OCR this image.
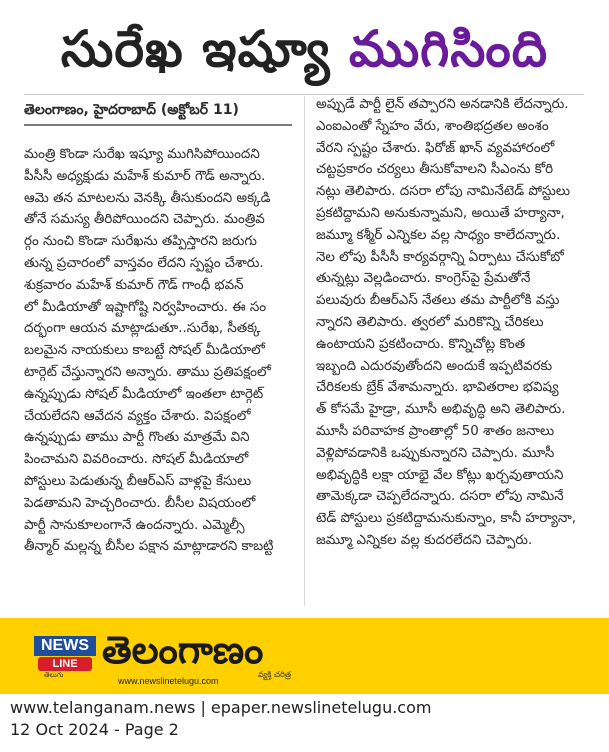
సురేఖ ఇష్యూ ముగిసింది
తెలంగాణం, హైదరాబాద్ (అక్టోబర్ 11)
మంత్రి కొండా సురేఖ ఇష్యూ ముగిసిపోయిందని
పీసీసీ అధ్యక్షుడు మహేశ్ కుమార్ గౌడ్ అన్నారు.
ఆమె తన మాటలను వెనక్కి తీసుకుందని అక్కడి
తోనే సమస్య తీరిపోయిందని చెప్పారు. మంత్రివ
ర్గం నుంచి కొండా సురేఖను తప్పిస్తారని జరుగు
తున్న ప్రచారంలో వాస్తవం లేదని స్పష్టం చేశారు.
శుక్రవారం మహేశ్ కుమార్ గౌడ్ గాంధీ భవన్
లో మీడియాతో ఇష్టాగోష్టి నిర్వహించారు. ఈ సం
దర్భంగా ఆయన మాట్లాడుతూ..సురేఖ, సీతక్క
బలమైన నాయకులు కాబట్టే సోషల్ మీడియాలో
టార్గెట్ చేస్తున్నారని అన్నారు. తాము ప్రతిపక్షంలో
ఉన్నప్పుడు సోషల్ మీడియాలో ఇంతలా టార్గెట్
చేయలేదని ఆవేదన వ్యక్తం చేశారు. విపక్షంలో
ఉన్నప్పుడు తాము పార్టీ గొంతు మాత్రమే విని
పించామని వివరించారు. సోషల్ మీడియాలో
పోస్టులు పెడుతున్న బీఆర్ఎస్ వాళ్లపై కేసులు
పెడతామని హెచ్చరించారు. బీసీల విషయంలో
పార్టీ సానుకూలంగానే ఉందన్నారు. ఎమ్మెల్సీ
తీన్మార్ మల్లన్న బీసీల పక్షాన మాట్లాడారని కాబట్టి
అప్పుడే పార్టీ లైన్ తప్పారని అనడానికి లేదన్నారు.
ఎంఐఎంతో స్నేహం వేరు, శాంతిభద్రతల అంశం
వేరని స్పష్టం చేశారు. ఫిరోజ్ ఖాన్ వ్యవహారంలో
చట్టప్రకారం చర్యలు తీసుకోవాలని సీఎంను కోరి
నట్లు తెలిపారు. దసరా లోపు నామినేటెడ్ పోస్టులు
ప్రకటిద్దామని అనుకున్నామని, అయితే హర్యానా,
జమ్మూ కశ్మీర్ ఎన్నికల వల్ల సాధ్యం కాలేదన్నారు.
నెల లోపు పీసీసీ కార్యవర్గాన్ని ఏర్పాటు చేసుకోబో
తున్నట్లు వెల్లడించారు. కాంగ్రెస్‌పై ప్రేమతోనే
పలువురు బీఆర్ఎస్ నేతలు తమ పార్టీలోకి వస్తు
న్నారని తెలిపారు. త్వరలో మరికొన్ని చేరికలు
ఉంటాయని ప్రకటించారు. కొన్నిచోట్ల కొంత
ఇబ్బంది ఎదురవుతోందని అందుకే ఇప్పటివరకు
చేరికలకు బ్రేక్ వేశామన్నారు. భావితరాల భవిష్య
త్ కోసమే హైడ్రా, మూసీ అభివృద్ధి అని తెలిపారు.
మూసీ పరివాహక ప్రాంతాల్లో 50 శాతం జనాలు
వెళ్లిపోవడానికి ఒప్పుకున్నారని చెప్పారు. మూసీ
అభివృద్ధికి లక్షా యాభై వేల కోట్లు ఖర్చవుతాయని
తామెక్కడా చెప్పలేదన్నారు. దసరా లోపు నామినే
టెడ్ పోస్టులు ప్రకటిద్దామనుకున్నాం, కానీ హర్యానా,
జమ్మూ ఎన్నికల వల్ల కుదరలేదని చెప్పారు.
NEWS
LINE
తెలుగు
తెలంగాణం
వ్యక్తి చరిత్ర
www.newslinetelugu.com
www.telanganam.news | epaper.newslinetelugu.com
12 Oct 2024 - Page 2
